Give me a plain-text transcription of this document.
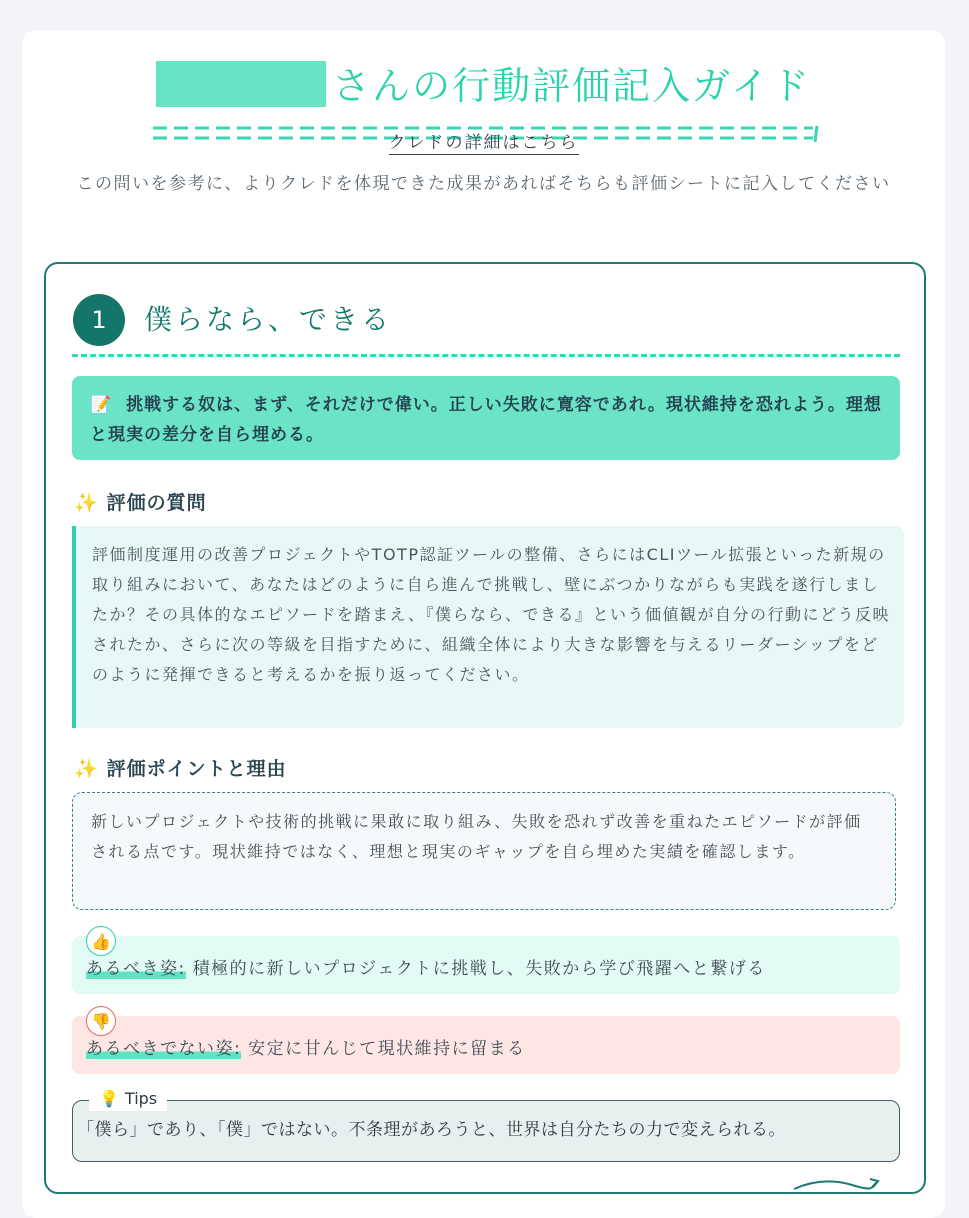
さんの行動評価記入ガイド
クレドの詳細はこちら
この問いを参考に、よりクレドを体現できた成果があればそちらも評価シートに記入してください
1	僕らなら、できる
📝 挑戦する奴は、まず、それだけで偉い。正しい失敗に寛容であれ。現状維持を恐れよう。理想と現実の差分を自ら埋める。
✨ 評価の質問
評価制度運用の改善プロジェクトやTOTP認証ツールの整備、さらにはCLIツール拡張といった新規の取り組みにおいて、あなたはどのように自ら進んで挑戦し、壁にぶつかりながらも実践を遂行しましたか？その具体的なエピソードを踏まえ、『僕らなら、できる』という価値観が自分の行動にどう反映されたか、さらに次の等級を目指すために、組織全体により大きな影響を与えるリーダーシップをどのように発揮できると考えるかを振り返ってください。
✨ 評価ポイントと理由
新しいプロジェクトや技術的挑戦に果敢に取り組み、失敗を恐れず改善を重ねたエピソードが評価される点です。現状維持ではなく、理想と現実のギャップを自ら埋めた実績を確認します。
👍
あるべき姿: 積極的に新しいプロジェクトに挑戦し、失敗から学び飛躍へと繋げる
👎
あるべきでない姿: 安定に甘んじて現状維持に留まる
💡 Tips
「僕ら」であり、「僕」ではない。不条理があろうと、世界は自分たちの力で変えられる。
